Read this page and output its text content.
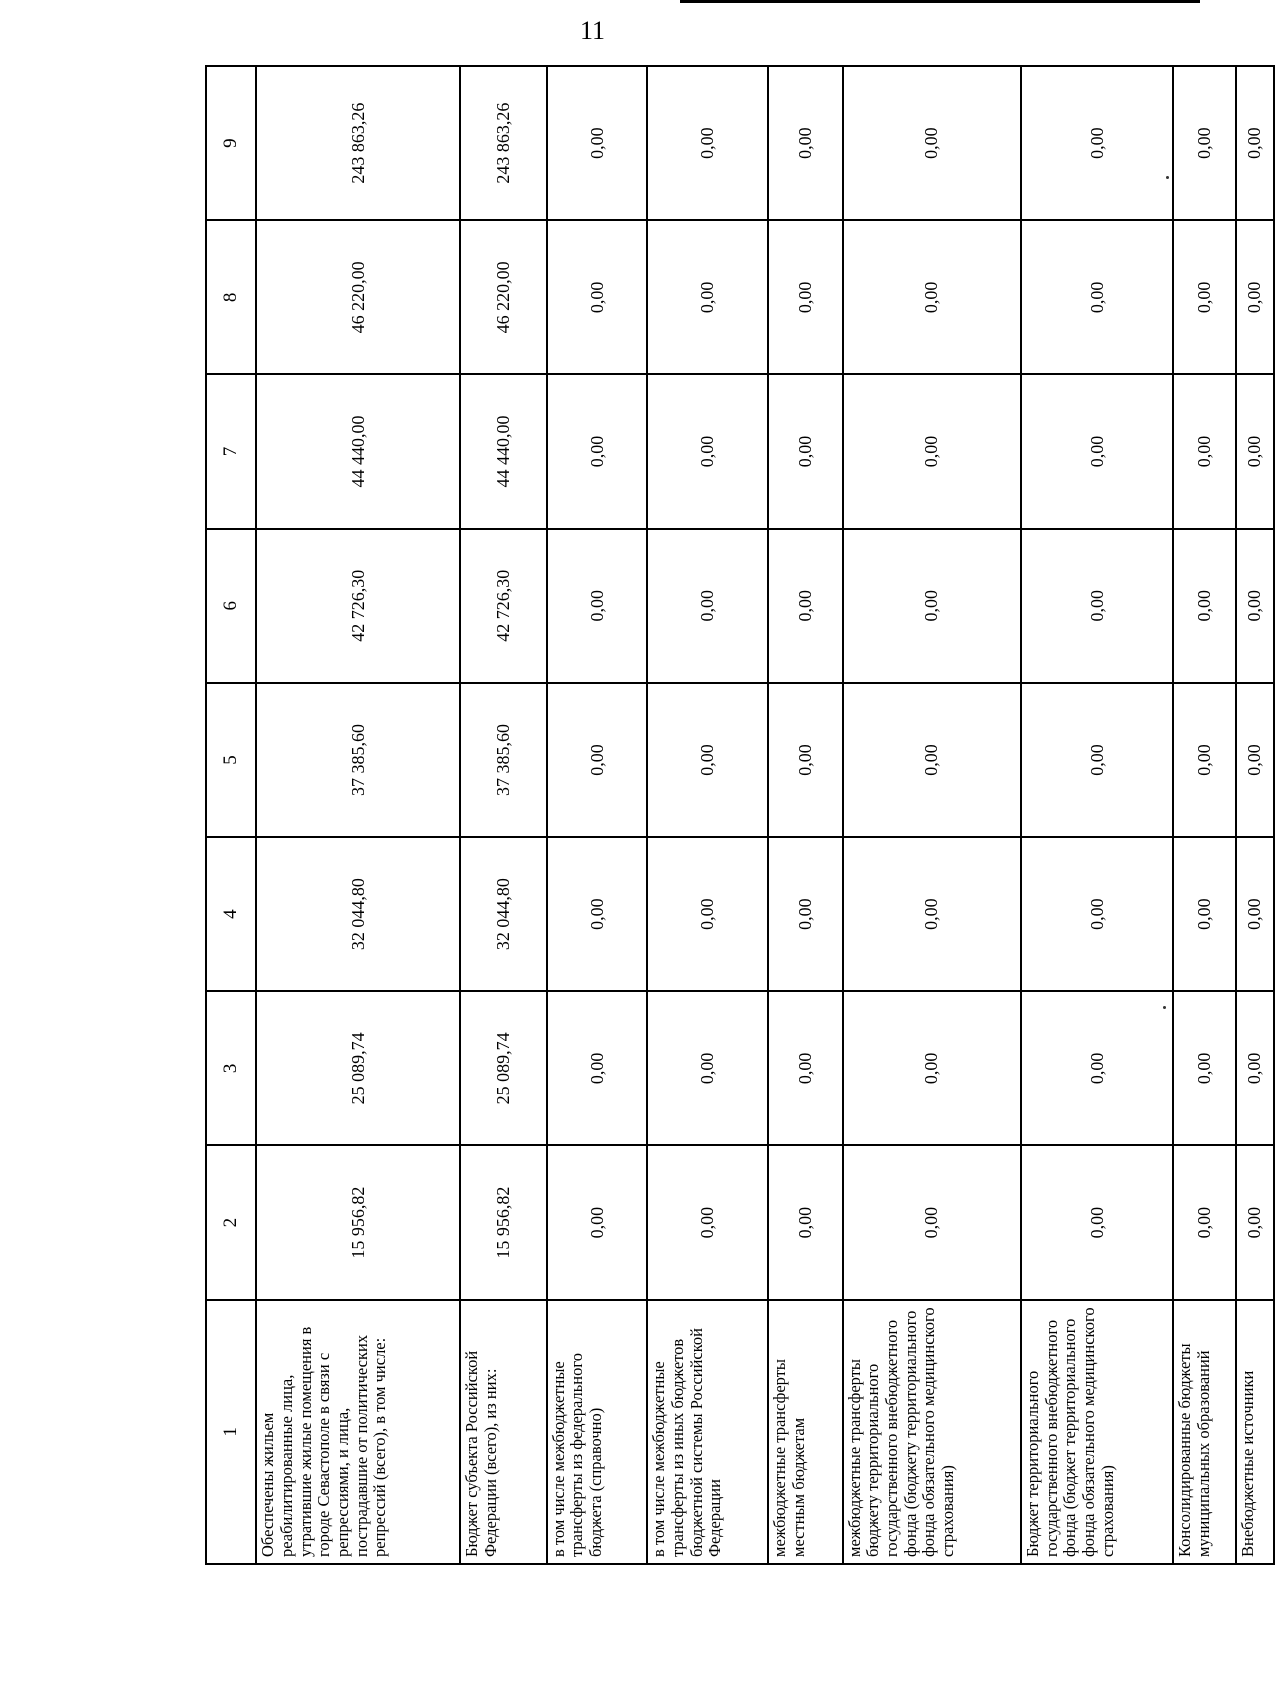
11
1	2	3	4	5	6	7	8	9
Обеспечены жильем реабилитированные лица, утратившие жилые помещения в городе Севастополе в связи с репрессиями, и лица, пострадавшие от политических репрессий (всего), в том числе:	15 956,82	25 089,74	32 044,80	37 385,60	42 726,30	44 440,00	46 220,00	243 863,26
Бюджет субъекта Российской Федерации (всего), из них:	15 956,82	25 089,74	32 044,80	37 385,60	42 726,30	44 440,00	46 220,00	243 863,26
в том числе межбюджетные трансферты из федерального бюджета (справочно)	0,00	0,00	0,00	0,00	0,00	0,00	0,00	0,00
в том числе межбюджетные трансферты из иных бюджетов бюджетной системы Российской Федерации	0,00	0,00	0,00	0,00	0,00	0,00	0,00	0,00
межбюджетные трансферты местным бюджетам	0,00	0,00	0,00	0,00	0,00	0,00	0,00	0,00
межбюджетные трансферты бюджету территориального государственного внебюджетного фонда (бюджету территориального фонда обязательного медицинского страхования)	0,00	0,00	0,00	0,00	0,00	0,00	0,00	0,00
Бюджет территориального государственного внебюджетного фонда (бюджет территориального фонда обязательного медицинского страхования)	0,00	0,00	0,00	0,00	0,00	0,00	0,00	0,00
Консолидированные бюджеты муниципальных образований	0,00	0,00	0,00	0,00	0,00	0,00	0,00	0,00
Внебюджетные источники	0,00	0,00	0,00	0,00	0,00	0,00	0,00	0,00
